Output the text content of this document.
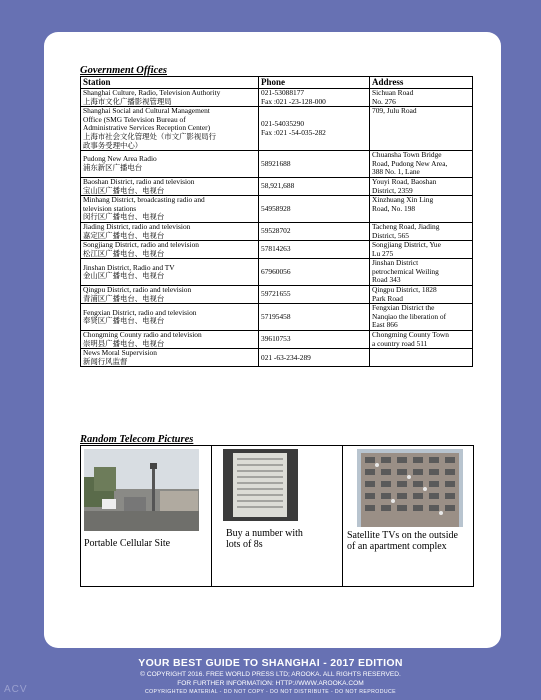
Government Offices
Station	Phone	Address

Shanghai Culture, Radio, Television Authority
上海市文化广播影视管理局	021-53088177
Fax :021 -23-128-000	Sichuan Road
No. 276

Shanghai Social and Cultural Management
Office (SMG Television Bureau of
Administrative Services Reception Center)
上海市社会文化管理处（市文广影视局行
政事务受理中心）	021-54035290
Fax :021 -54-035-282	709, Julu Road

Pudong New Area Radio
浦东新区广播电台	58921688	Chuansha Town Bridge
Road, Pudong New Area,
388 No. 1, Lane

Baoshan District, radio and television
宝山区广播电台、电视台	58,921,688	Youyi Road, Baoshan
District, 2359

Minhang District, broadcasting radio and
television stations
闵行区广播电台、电视台	54958928	Xinzhuang Xin Ling
Road, No. 198

Jiading District, radio and television
嘉定区广播电台、电视台	59528702	Tacheng Road, Jiading
District, 565

Songjiang District, radio and television
松江区广播电台、电视台	57814263	Songjiang District, Yue
Lu 275

Jinshan District, Radio and TV
金山区广播电台、电视台	67960056	Jinshan District
petrochemical Weiling
Road 343

Qingpu District, radio and television
青浦区广播电台、电视台	59721655	Qingpu District, 1828
Park Road

Fengxian District, radio and television
奉贤区广播电台、电视台	57195458	Fengxian District the
Nanqiao the liberation of
East 866

Chongming County radio and television
崇明县广播电台、电视台	39610753	Chongming County Town
a country road 511

News Moral Supervision
新闻行风监督	021 -63-234-289	

Random Telecom Pictures
Portable Cellular Site
Buy a number with
lots of 8s
Satellite TVs on the outside
of an apartment complex
YOUR BEST GUIDE TO SHANGHAI - 2017 EDITION
© COPYRIGHT 2016. FREE WORLD PRESS LTD; AROOKA. ALL RIGHTS RESERVED.
FOR FURTHER INFORMATION: HTTP://WWW.AROOKA.COM
COPYRIGHTED MATERIAL - DO NOT COPY - DO NOT DISTRIBUTE - DO NOT REPRODUCE
ACV
